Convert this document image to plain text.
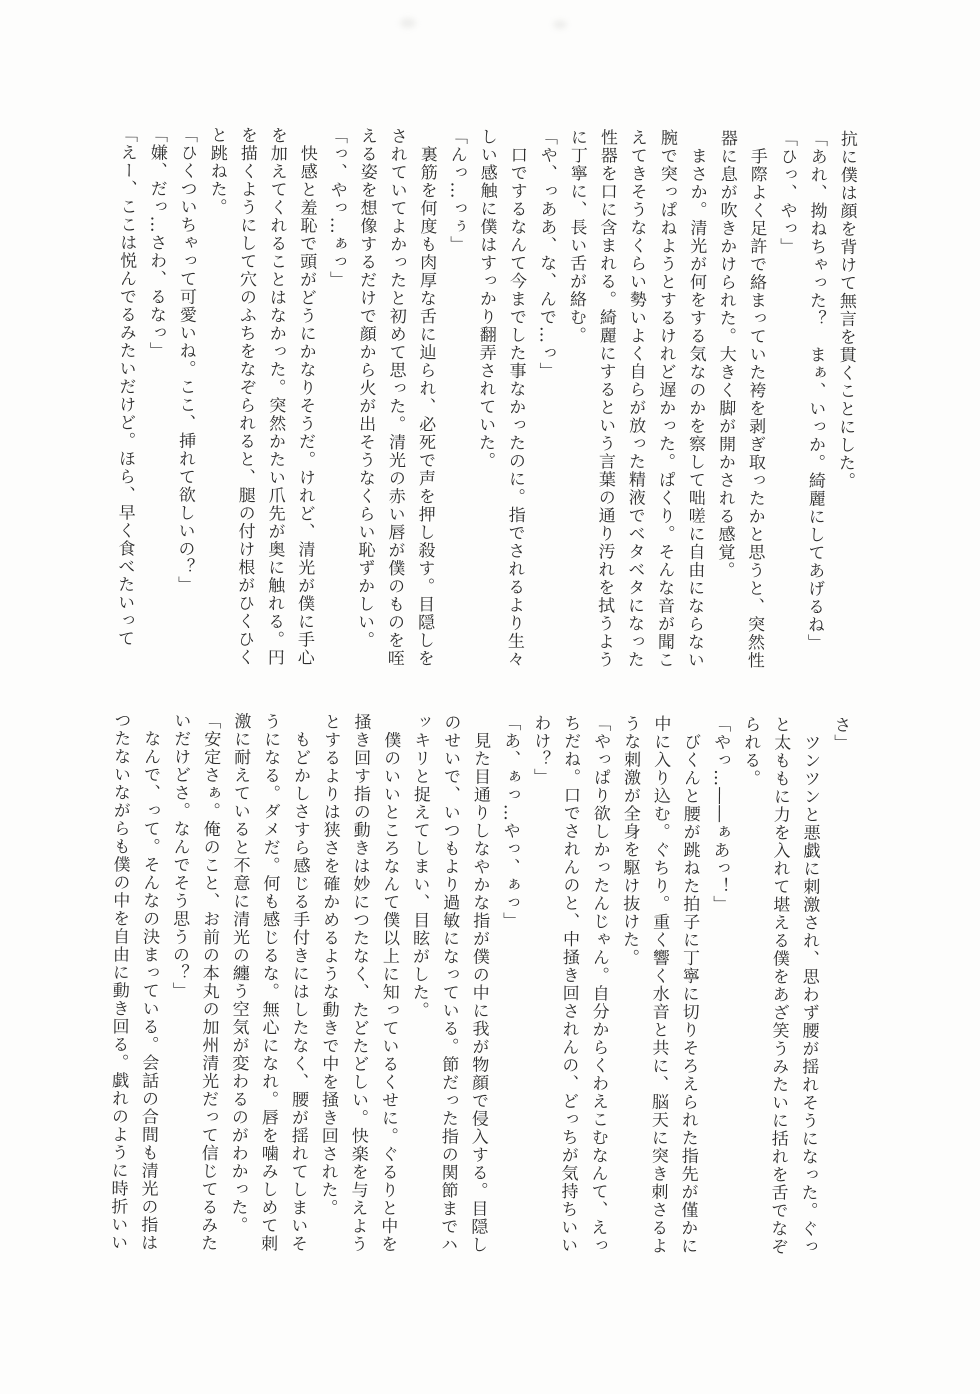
抗に僕は顔を背けて無言を貫くことにした。

「あれ、拗ねちゃった？　まぁ、いっか。綺麗にしてあげるね」

「ひっ、やっ」

　手際よく足許で絡まっていた袴を剥ぎ取ったかと思うと、突然性

器に息が吹きかけられた。大きく脚が開かされる感覚。

　まさか。清光が何をする気なのかを察して咄嗟に自由にならない

腕で突っぱねようとするけれど遅かった。ぱくり。そんな音が聞こ

えてきそうなくらい勢いよく自らが放った精液でベタベタになった

性器を口に含まれる。綺麗にするという言葉の通り汚れを拭うよう

に丁寧に、長い舌が絡む。

「や、っああ、な、んで…っ」

　口でするなんて今までした事なかったのに。指でされるより生々

しい感触に僕はすっかり翻弄されていた。

「んっ…っぅ」

　裏筋を何度も肉厚な舌に辿られ、必死で声を押し殺す。目隠しを

されていてよかったと初めて思った。清光の赤い唇が僕のものを咥

える姿を想像するだけで顔から火が出そうなくらい恥ずかしい。

「っ、やっ…ぁっ」

　快感と羞恥で頭がどうにかなりそうだ。けれど、清光が僕に手心

を加えてくれることはなかった。突然かたい爪先が奥に触れる。円

を描くようにして穴のふちをなぞられると、腿の付け根がひくひく

と跳ねた。

「ひくついちゃって可愛いね。ここ、挿れて欲しいの？」

「嫌、だっ…さわ、るなっ」

「えー、ここは悦んでるみたいだけど。ほら、早く食べたいって

さ」

　ツンツンと悪戯に刺激され、思わず腰が揺れそうになった。ぐっ

と太ももに力を入れて堪える僕をあざ笑うみたいに括れを舌でなぞ

られる。

「やっ…――ぁあっ！」

　びくんと腰が跳ねた拍子に丁寧に切りそろえられた指先が僅かに

中に入り込む。ぐちり。重く響く水音と共に、脳天に突き刺さるよ

うな刺激が全身を駆け抜けた。

「やっぱり欲しかったんじゃん。自分からくわえこむなんて、えっ

ちだね。口でされんのと、中掻き回されんの、どっちが気持ちいい

わけ？」

「あ、ぁっ…やっ、ぁっ」

　見た目通りしなやかな指が僕の中に我が物顔で侵入する。目隠し

のせいで、いつもより過敏になっている。節だった指の関節までハ

ッキリと捉えてしまい、目眩がした。

　僕のいいところなんて僕以上に知っているくせに。ぐるりと中を

掻き回す指の動きは妙につたなく、たどたどしい。快楽を与えよう

とするよりは狭さを確かめるような動きで中を掻き回された。

　もどかしさすら感じる手付きにはしたなく、腰が揺れてしまいそ

うになる。ダメだ。何も感じるな。無心になれ。唇を噛みしめて刺

激に耐えていると不意に清光の纏う空気が変わるのがわかった。

「安定さぁ。俺のこと、お前の本丸の加州清光だって信じてるみた

いだけどさ。なんでそう思うの？」

　なんで、って。そんなの決まっている。会話の合間も清光の指は

つたないながらも僕の中を自由に動き回る。戯れのように時折いい
